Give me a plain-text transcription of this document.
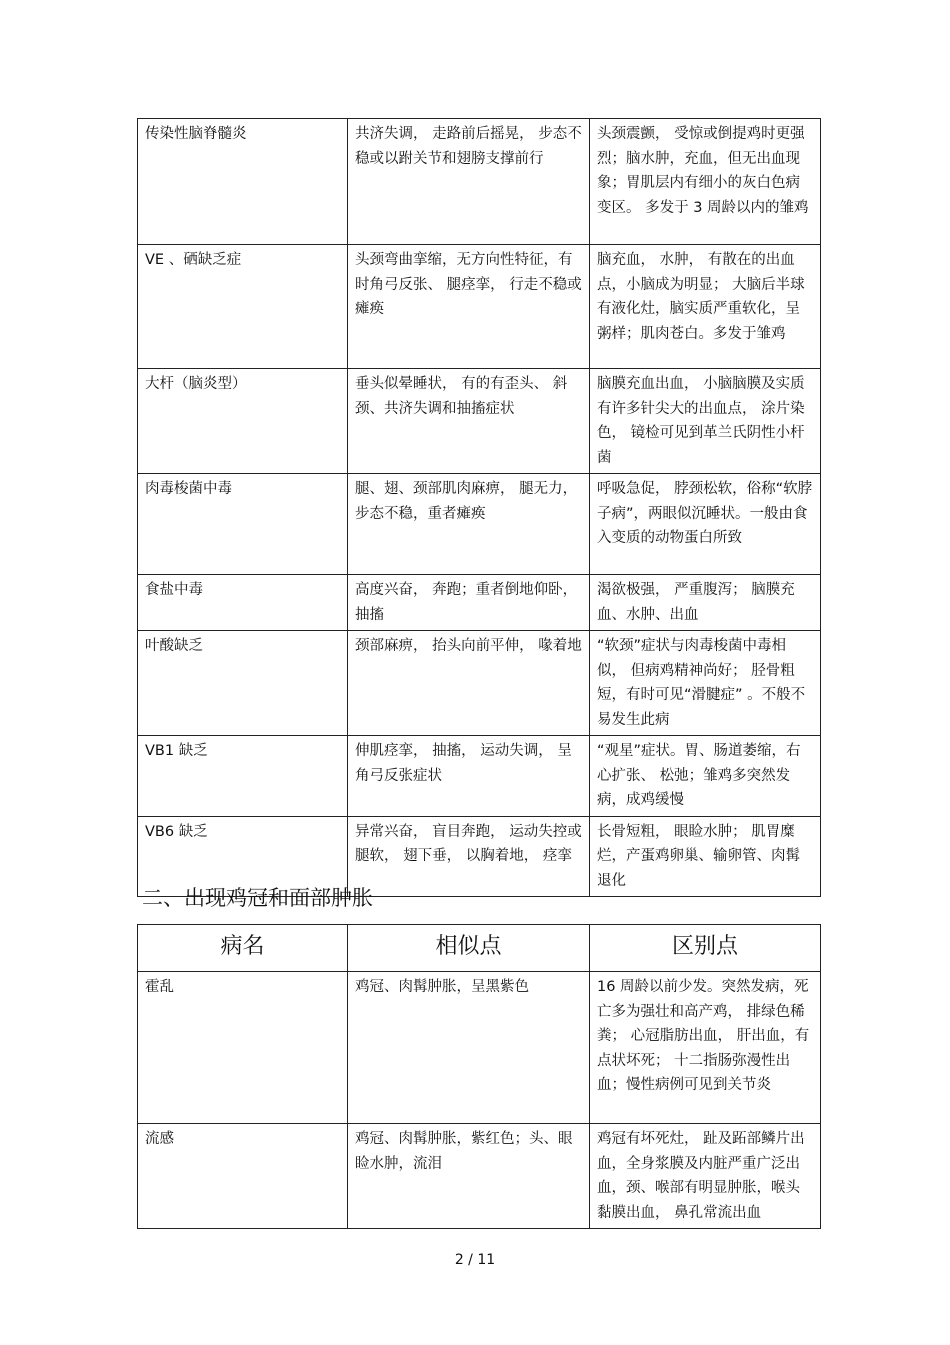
传染性脑脊髓炎	共济失调， 走路前后摇晃， 步态不稳或以跗关节和翅膀支撑前行	头颈震颤， 受惊或倒提鸡时更强烈；脑水肿，充血，但无出血现象；胃肌层内有细小的灰白色病变区。 多发于 3 周龄以内的雏鸡
VE 、硒缺乏症	头颈弯曲挛缩，无方向性特征，有时角弓反张、 腿痉挛， 行走不稳或瘫痪	脑充血， 水肿， 有散在的出血点，小脑成为明显； 大脑后半球有液化灶，脑实质严重软化，呈粥样；肌肉苍白。多发于雏鸡
大杆（脑炎型）	垂头似晕睡状， 有的有歪头、 斜颈、共济失调和抽搐症状	脑膜充血出血， 小脑脑膜及实质有许多针尖大的出血点， 涂片染色， 镜检可见到革兰氏阴性小杆菌
肉毒梭菌中毒	腿、翅、颈部肌肉麻痹， 腿无力，步态不稳，重者瘫痪	呼吸急促， 脖颈松软，俗称“软脖子病”，两眼似沉睡状。一般由食入变质的动物蛋白所致
食盐中毒	高度兴奋， 奔跑；重者倒地仰卧，抽搐	渴欲极强， 严重腹泻； 脑膜充血、水肿、出血
叶酸缺乏	颈部麻痹， 抬头向前平伸， 喙着地	“软颈”症状与肉毒梭菌中毒相似， 但病鸡精神尚好； 胫骨粗短，有时可见“滑腱症” 。不般不易发生此病
VB1 缺乏	伸肌痉挛， 抽搐， 运动失调， 呈角弓反张症状	“观星”症状。胃、肠道萎缩，右心扩张、 松弛；雏鸡多突然发病，成鸡缓慢
VB6 缺乏	异常兴奋， 盲目奔跑， 运动失控或腿软， 翅下垂， 以胸着地， 痉挛	长骨短粗， 眼睑水肿； 肌胃糜烂，产蛋鸡卵巢、输卵管、肉髯退化
二、出现鸡冠和面部肿胀
病名	相似点	区别点
霍乱	鸡冠、肉髯肿胀，呈黑紫色	16 周龄以前少发。突然发病，死亡多为强壮和高产鸡， 排绿色稀粪； 心冠脂肪出血， 肝出血，有点状坏死； 十二指肠弥漫性出血；慢性病例可见到关节炎
流感	鸡冠、肉髯肿胀，紫红色；头、眼睑水肿，流泪	鸡冠有坏死灶， 趾及跖部鳞片出血，全身浆膜及内脏严重广泛出血，颈、喉部有明显肿胀，喉头黏膜出血， 鼻孔常流出血
2 / 11
